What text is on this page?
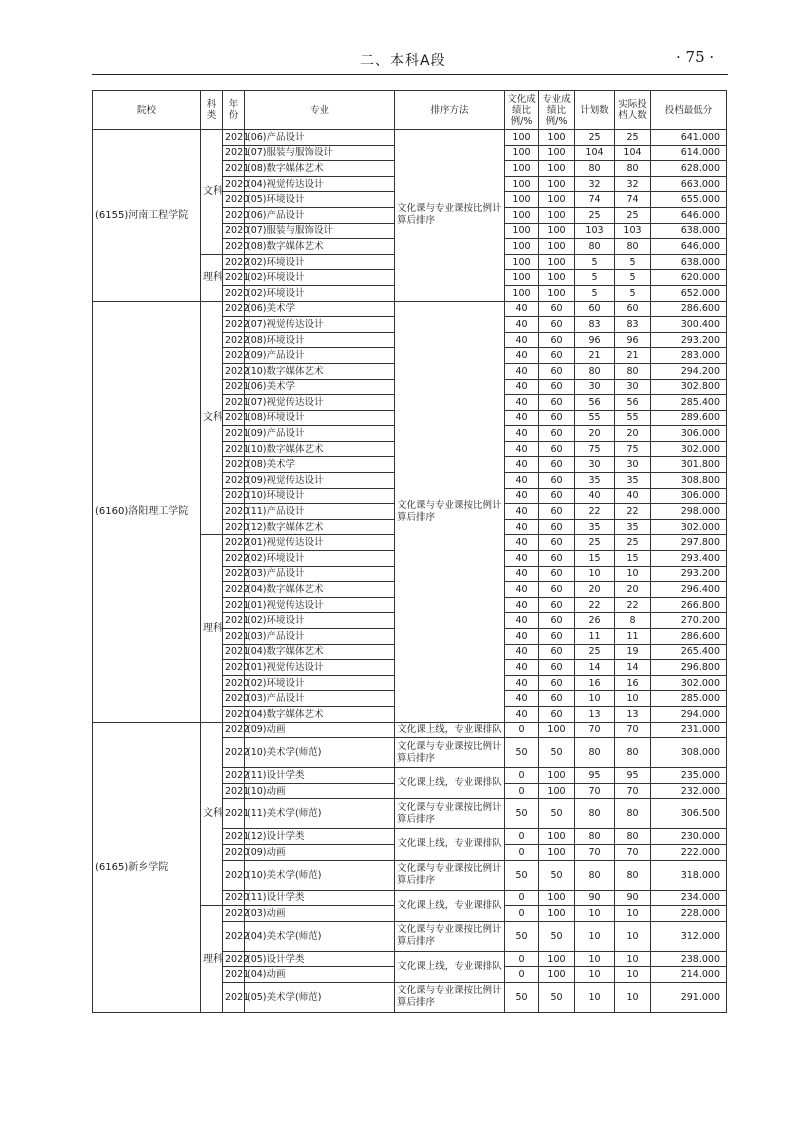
二、本科A段	· 75 ·
院校	科类	年份	专业	排序方法	文化成绩比例/%	专业成绩比例/%	计划数	实际投档人数	投档最低分
(6155)河南工程学院	文科	2021	(06)产品设计	文化课与专业课按比例计算后排序	100	100	25	25	641.000
		2021	(07)服装与服饰设计		100	100	104	104	614.000
		2021	(08)数字媒体艺术		100	100	80	80	628.000
		2020	(04)视觉传达设计		100	100	32	32	663.000
		2020	(05)环境设计		100	100	74	74	655.000
		2020	(06)产品设计		100	100	25	25	646.000
		2020	(07)服装与服饰设计		100	100	103	103	638.000
		2020	(08)数字媒体艺术		100	100	80	80	646.000
	理科	2022	(02)环境设计		100	100	5	5	638.000
		2021	(02)环境设计		100	100	5	5	620.000
		2020	(02)环境设计		100	100	5	5	652.000
(6160)洛阳理工学院	文科	2022	(06)美术学	文化课与专业课按比例计算后排序	40	60	60	60	286.600
		2022	(07)视觉传达设计		40	60	83	83	300.400
		2022	(08)环境设计		40	60	96	96	293.200
		2022	(09)产品设计		40	60	21	21	283.000
		2022	(10)数字媒体艺术		40	60	80	80	294.200
		2021	(06)美术学		40	60	30	30	302.800
		2021	(07)视觉传达设计		40	60	56	56	285.400
		2021	(08)环境设计		40	60	55	55	289.600
		2021	(09)产品设计		40	60	20	20	306.000
		2021	(10)数字媒体艺术		40	60	75	75	302.000
		2020	(08)美术学		40	60	30	30	301.800
		2020	(09)视觉传达设计		40	60	35	35	308.800
		2020	(10)环境设计		40	60	40	40	306.000
		2020	(11)产品设计		40	60	22	22	298.000
		2020	(12)数字媒体艺术		40	60	35	35	302.000
	理科	2022	(01)视觉传达设计		40	60	25	25	297.800
		2022	(02)环境设计		40	60	15	15	293.400
		2022	(03)产品设计		40	60	10	10	293.200
		2022	(04)数字媒体艺术		40	60	20	20	296.400
		2021	(01)视觉传达设计		40	60	22	22	266.800
		2021	(02)环境设计		40	60	26	8	270.200
		2021	(03)产品设计		40	60	11	11	286.600
		2021	(04)数字媒体艺术		40	60	25	19	265.400
		2020	(01)视觉传达设计		40	60	14	14	296.800
		2020	(02)环境设计		40	60	16	16	302.000
		2020	(03)产品设计		40	60	10	10	285.000
		2020	(04)数字媒体艺术		40	60	13	13	294.000
(6165)新乡学院	文科	2022	(09)动画	文化课上线，专业课排队	0	100	70	70	231.000
		2022	(10)美术学(师范)	文化课与专业课按比例计算后排序	50	50	80	80	308.000
		2022	(11)设计学类	文化课上线，专业课排队	0	100	95	95	235.000
		2021	(10)动画		0	100	70	70	232.000
		2021	(11)美术学(师范)	文化课与专业课按比例计算后排序	50	50	80	80	306.500
		2021	(12)设计学类	文化课上线，专业课排队	0	100	80	80	230.000
		2020	(09)动画		0	100	70	70	222.000
		2020	(10)美术学(师范)	文化课与专业课按比例计算后排序	50	50	80	80	318.000
		2020	(11)设计学类	文化课上线，专业课排队	0	100	90	90	234.000
	理科	2022	(03)动画		0	100	10	10	228.000
		2022	(04)美术学(师范)	文化课与专业课按比例计算后排序	50	50	10	10	312.000
		2022	(05)设计学类	文化课上线，专业课排队	0	100	10	10	238.000
		2021	(04)动画		0	100	10	10	214.000
		2021	(05)美术学(师范)	文化课与专业课按比例计算后排序	50	50	10	10	291.000
